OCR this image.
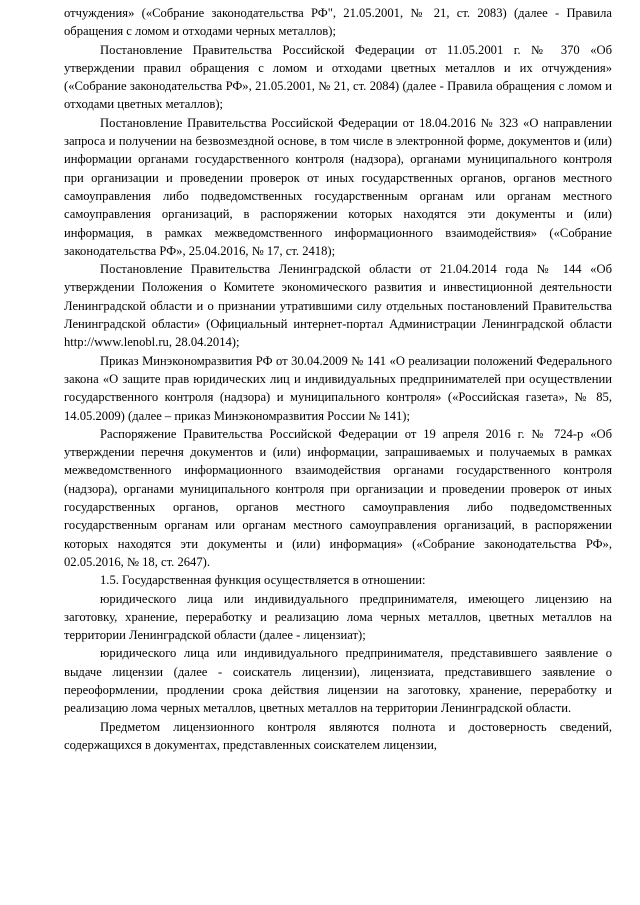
отчуждения» («Собрание законодательства РФ", 21.05.2001, № 21, ст. 2083) (далее - Правила обращения с ломом и отходами черных металлов);

Постановление Правительства Российской Федерации от 11.05.2001 г. № 370 «Об утверждении правил обращения с ломом и отходами цветных металлов и их отчуждения» («Собрание законодательства РФ», 21.05.2001, № 21, ст. 2084) (далее - Правила обращения с ломом и отходами цветных металлов);

Постановление Правительства Российской Федерации от 18.04.2016 № 323 «О направлении запроса и получении на безвозмездной основе, в том числе в электронной форме, документов и (или) информации органами государственного контроля (надзора), органами муниципального контроля при организации и проведении проверок от иных государственных органов, органов местного самоуправления либо подведомственных государственным органам или органам местного самоуправления организаций, в распоряжении которых находятся эти документы и (или) информация, в рамках межведомственного информационного взаимодействия» («Собрание законодательства РФ», 25.04.2016, № 17, ст. 2418);

Постановление Правительства Ленинградской области от 21.04.2014 года № 144 «Об утверждении Положения о Комитете экономического развития и инвестиционной деятельности Ленинградской области и о признании утратившими силу отдельных постановлений Правительства Ленинградской области» (Официальный интернет-портал Администрации Ленинградской области http://www.lenobl.ru, 28.04.2014);

Приказ Минэкономразвития РФ от 30.04.2009 № 141 «О реализации положений Федерального закона «О защите прав юридических лиц и индивидуальных предпринимателей при осуществлении государственного контроля (надзора) и муниципального контроля» («Российская газета», № 85, 14.05.2009) (далее – приказ Минэкономразвития России № 141);

Распоряжение Правительства Российской Федерации от 19 апреля 2016 г. № 724-р «Об утверждении перечня документов и (или) информации, запрашиваемых и получаемых в рамках межведомственного информационного взаимодействия органами государственного контроля (надзора), органами муниципального контроля при организации и проведении проверок от иных государственных органов, органов местного самоуправления либо подведомственных государственным органам или органам местного самоуправления организаций, в распоряжении которых находятся эти документы и (или) информация» («Собрание законодательства РФ», 02.05.2016, № 18, ст. 2647).

1.5. Государственная функция осуществляется в отношении:

юридического лица или индивидуального предпринимателя, имеющего лицензию на заготовку, хранение, переработку и реализацию лома черных металлов, цветных металлов на территории Ленинградской области (далее - лицензиат);

юридического лица или индивидуального предпринимателя, представившего заявление о выдаче лицензии (далее - соискатель лицензии), лицензиата, представившего заявление о переоформлении, продлении срока действия лицензии на заготовку, хранение, переработку и реализацию лома черных металлов, цветных металлов на территории Ленинградской области.

Предметом лицензионного контроля являются полнота и достоверность сведений, содержащихся в документах, представленных соискателем лицензии,
